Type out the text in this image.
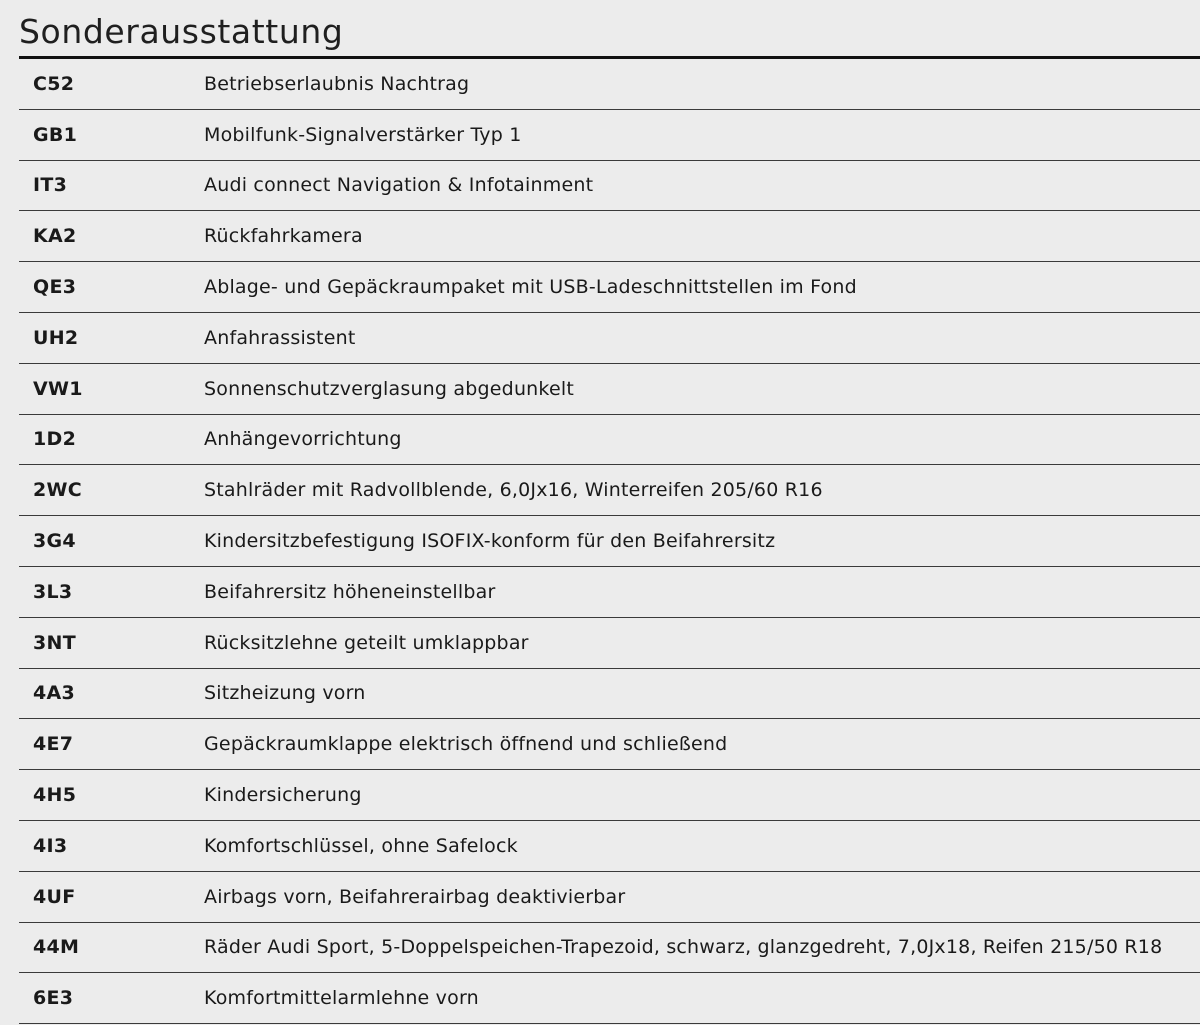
Sonderausstattung
C52	Betriebserlaubnis Nachtrag
GB1	Mobilfunk-Signalverstärker Typ 1
IT3	Audi connect Navigation & Infotainment
KA2	Rückfahrkamera
QE3	Ablage- und Gepäckraumpaket mit USB-Ladeschnittstellen im Fond
UH2	Anfahrassistent
VW1	Sonnenschutzverglasung abgedunkelt
1D2	Anhängevorrichtung
2WC	Stahlräder mit Radvollblende, 6,0Jx16, Winterreifen 205/60 R16
3G4	Kindersitzbefestigung ISOFIX-konform für den Beifahrersitz
3L3	Beifahrersitz höheneinstellbar
3NT	Rücksitzlehne geteilt umklappbar
4A3	Sitzheizung vorn
4E7	Gepäckraumklappe elektrisch öffnend und schließend
4H5	Kindersicherung
4I3	Komfortschlüssel, ohne Safelock
4UF	Airbags vorn, Beifahrerairbag deaktivierbar
44M	Räder Audi Sport, 5-Doppelspeichen-Trapezoid, schwarz, glanzgedreht, 7,0Jx18, Reifen 215/50 R18
6E3	Komfortmittelarmlehne vorn
